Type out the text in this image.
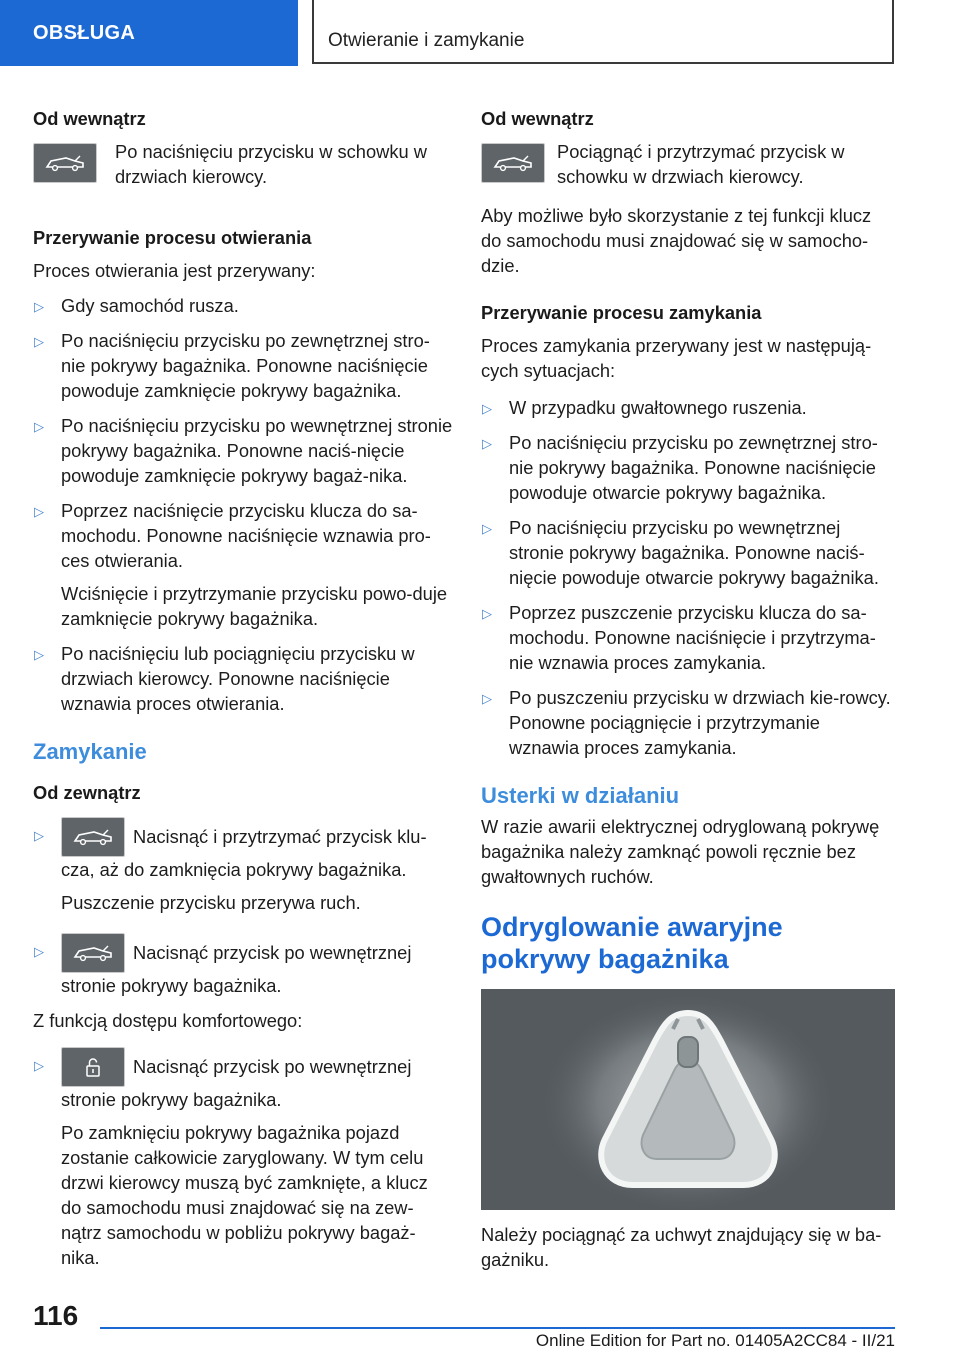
OBSŁUGA	Otwieranie i zamykanie
Od wewnątrz

Po naciśnięciu przycisku w schowku w drzwiach kierowcy.

Przerywanie procesu otwierania

Proces otwierania jest przerywany:

▷ Gdy samochód rusza.
▷ Po naciśnięciu przycisku po zewnętrznej stro-nie pokrywy bagażnika. Ponowne naciśnięcie powoduje zamknięcie pokrywy bagażnika.
▷ Po naciśnięciu przycisku po wewnętrznej stronie pokrywy bagażnika. Ponowne naciś-nięcie powoduje zamknięcie pokrywy bagaż-nika.
▷ Poprzez naciśnięcie przycisku klucza do sa-mochodu. Ponowne naciśnięcie wznawia pro-ces otwierania.
Wciśnięcie i przytrzymanie przycisku powo-duje zamknięcie pokrywy bagażnika.
▷ Po naciśnięciu lub pociągnięciu przycisku w drzwiach kierowcy. Ponowne naciśnięcie wznawia proces otwierania.
Zamykanie
Od zewnątrz
▷	Nacisnąć i przytrzymać przycisk klu-cza, aż do zamknięcia pokrywy bagażnika.
Puszczenie przycisku przerywa ruch.
▷	Nacisnąć przycisk po wewnętrznej stronie pokrywy bagażnika.

Z funkcją dostępu komfortowego:

▷	Nacisnąć przycisk po wewnętrznej stronie pokrywy bagażnika.
Po zamknięciu pokrywy bagażnika pojazd zostanie całkowicie zaryglowany. W tym celu drzwi kierowcy muszą być zamknięte, a klucz do samochodu musi znajdować się na zew-nątrz samochodu w pobliżu pokrywy bagaż-nika.
Od wewnątrz

Pociągnąć i przytrzymać przycisk w schowku w drzwiach kierowcy.

Aby możliwe było skorzystanie z tej funkcji klucz do samochodu musi znajdować się w samocho-dzie.

Przerywanie procesu zamykania

Proces zamykania przerywany jest w następują-cych sytuacjach:

▷ W przypadku gwałtownego ruszenia.
▷ Po naciśnięciu przycisku po zewnętrznej stro-nie pokrywy bagażnika. Ponowne naciśnięcie powoduje otwarcie pokrywy bagażnika.
▷ Po naciśnięciu przycisku po wewnętrznej stronie pokrywy bagażnika. Ponowne naciś-nięcie powoduje otwarcie pokrywy bagażnika.
▷ Poprzez puszczenie przycisku klucza do sa-mochodu. Ponowne naciśnięcie i przytrzyma-nie wznawia proces zamykania.
▷ Po puszczeniu przycisku w drzwiach kie-rowcy. Ponowne pociągnięcie i przytrzymanie wznawia proces zamykania.
Usterki w działaniu

W razie awarii elektrycznej odryglowaną pokrywę bagażnika należy zamknąć powoli ręcznie bez gwałtownych ruchów.

Odryglowanie awaryjne pokrywy bagażnika

Należy pociągnąć za uchwyt znajdujący się w ba-gażniku.

116
Online Edition for Part no. 01405A2CC84 - II/21
